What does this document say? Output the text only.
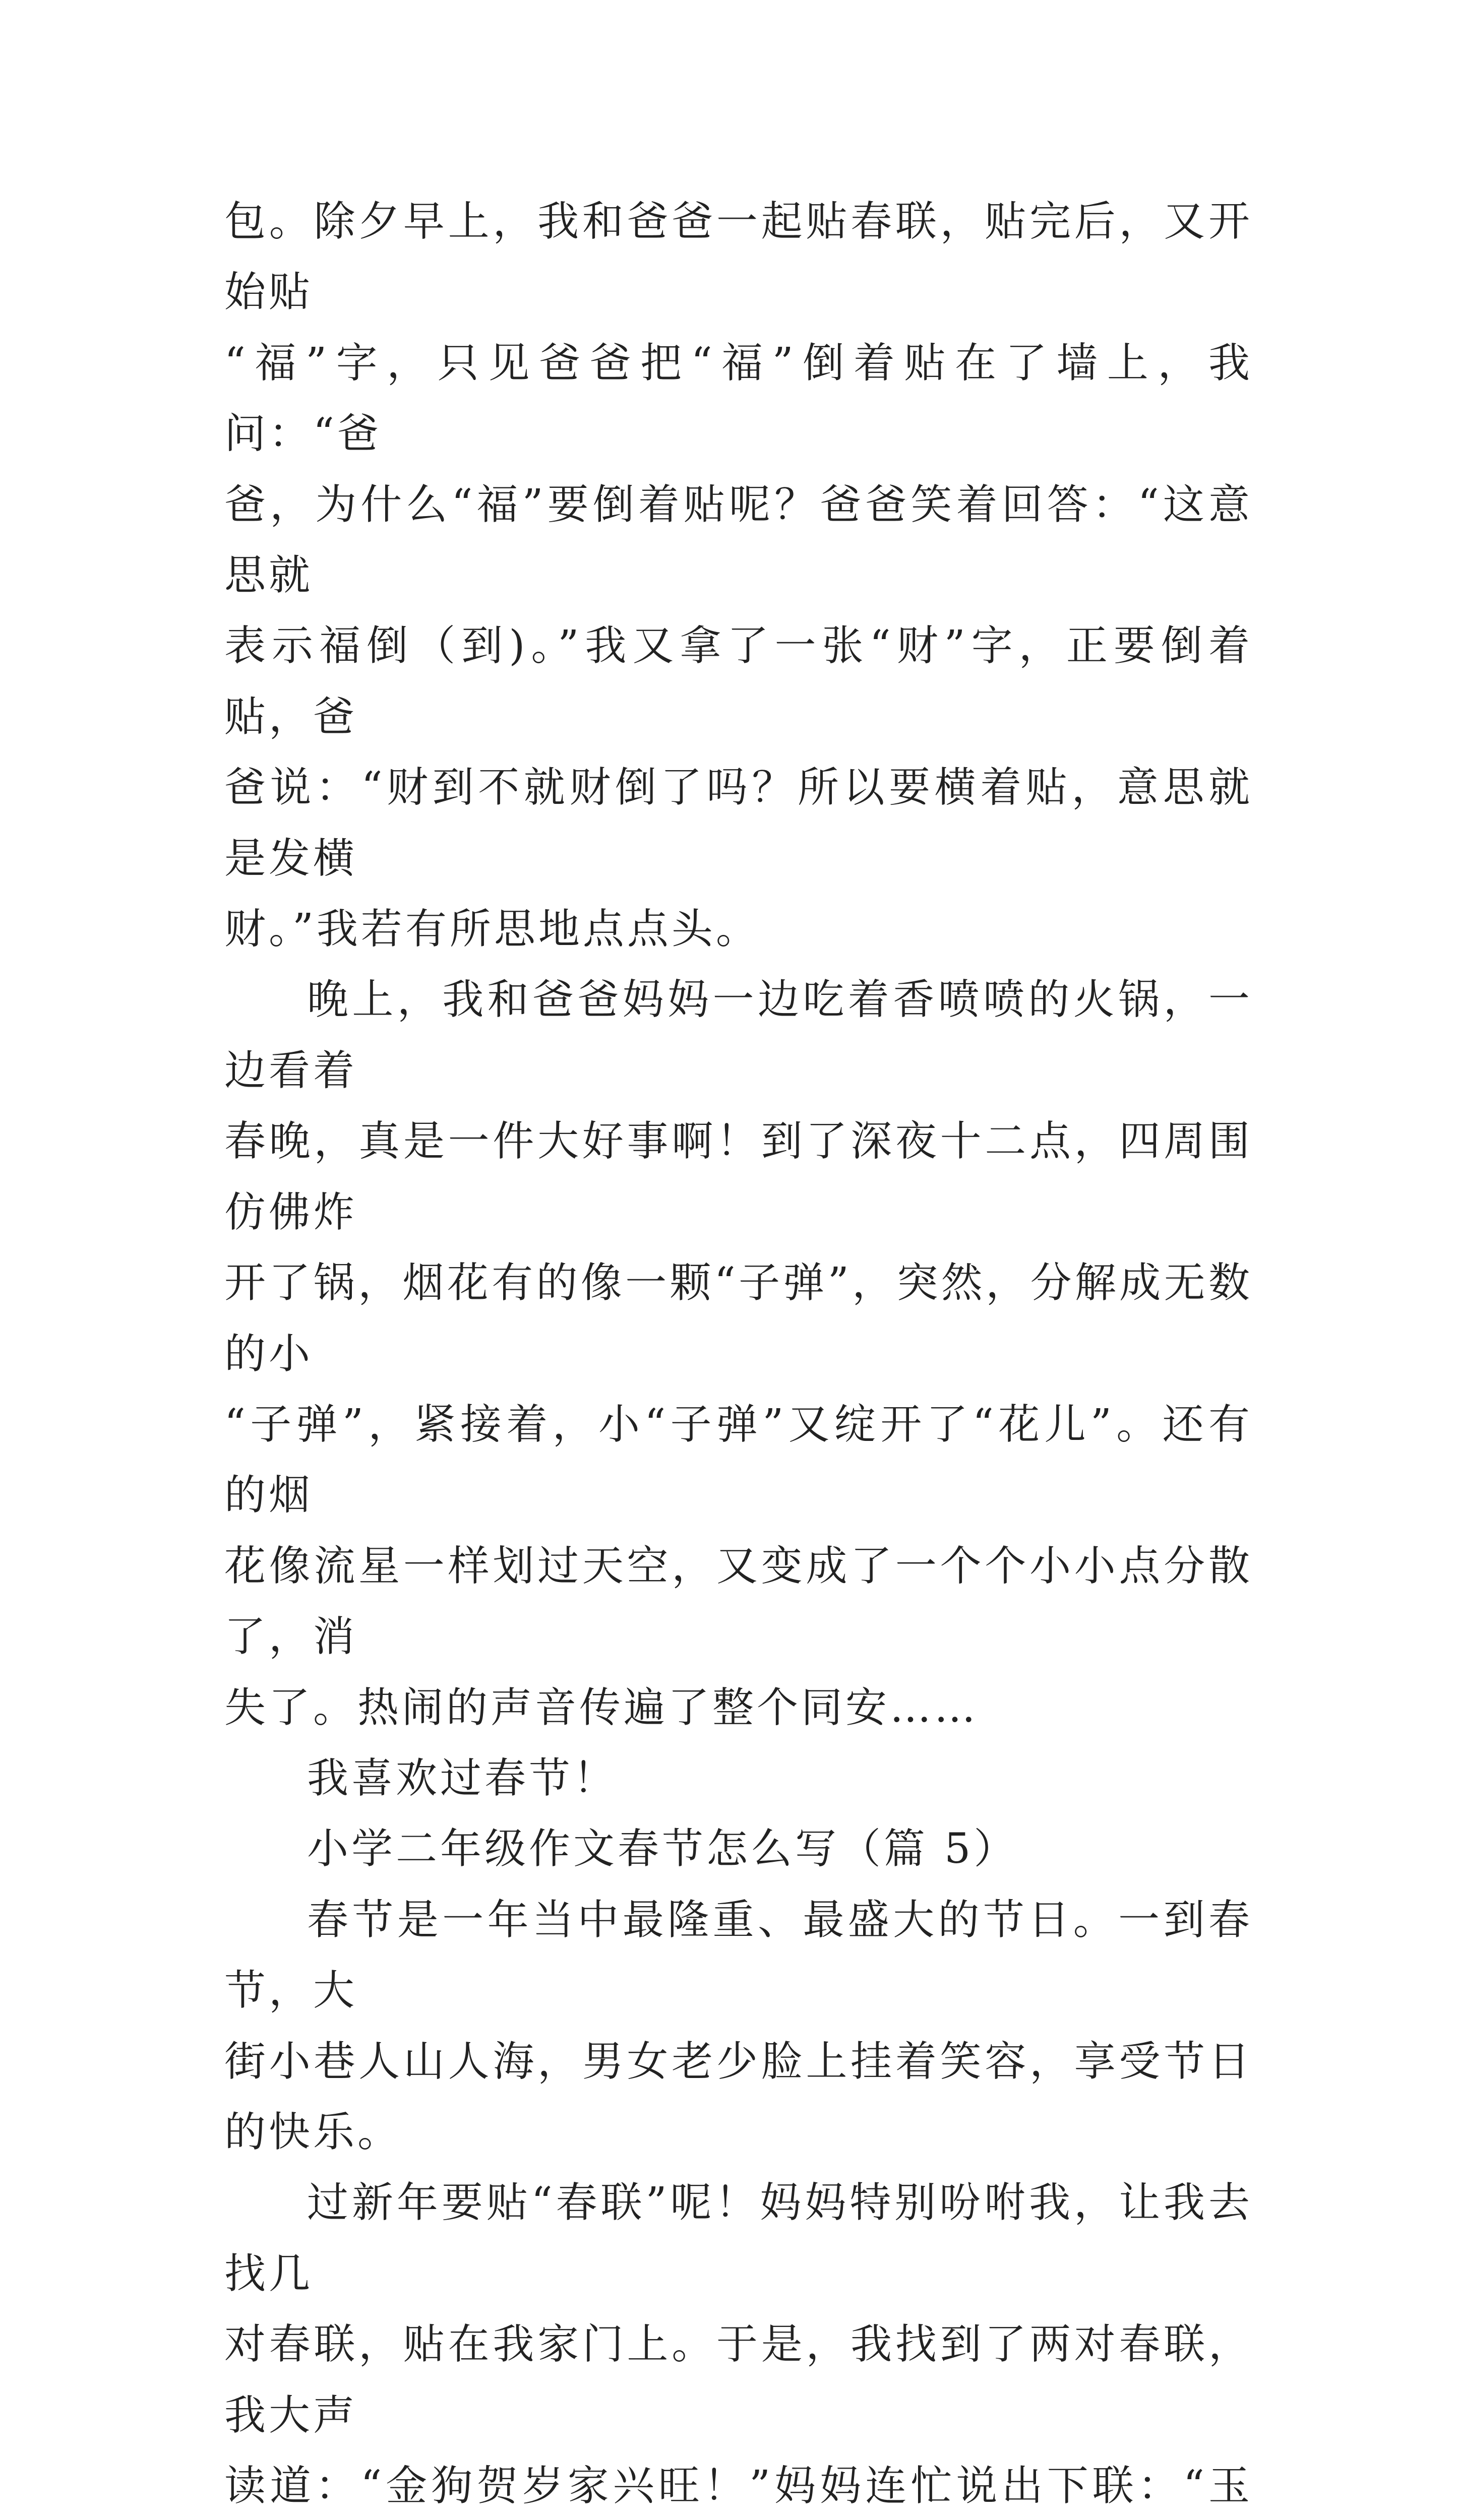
包。除夕早上，我和爸爸一起贴春联，贴完后，又开始贴
“福”字，只见爸爸把“福”倒着贴在了墙上，我问：“爸
爸，为什么“福”要倒着贴呢？爸爸笑着回答：“这意思就
表示福倒（到)。”我又拿了一张“财”字，正要倒着贴，爸
爸说：“财到不就财倒了吗？所以要横着贴，意思就是发横
财。”我若有所思地点点头。
晚上，我和爸爸妈妈一边吃着香喷喷的火锅，一边看着
春晚，真是一件大好事啊！到了深夜十二点，四周围仿佛炸
开了锅，烟花有的像一颗“子弹”，突然，分解成无数的小
“子弹”，紧接着，小“子弹”又绽开了“花儿”。还有的烟
花像流星一样划过天空，又变成了一个个小小点分散了，消
失了。热闹的声音传遍了整个同安……
我喜欢过春节！
小学二年级作文春节怎么写（篇 5）
春节是一年当中最隆重、最盛大的节日。一到春节，大
街小巷人山人海，男女老少脸上挂着笑容，享受节日的快乐。
过新年要贴“春联”呢！妈妈特别吩咐我，让我去找几
对春联，贴在我家门上。于是，我找到了两对春联，我大声
读道：“金狗贺岁家兴旺！”妈妈连忙说出下联：“玉
